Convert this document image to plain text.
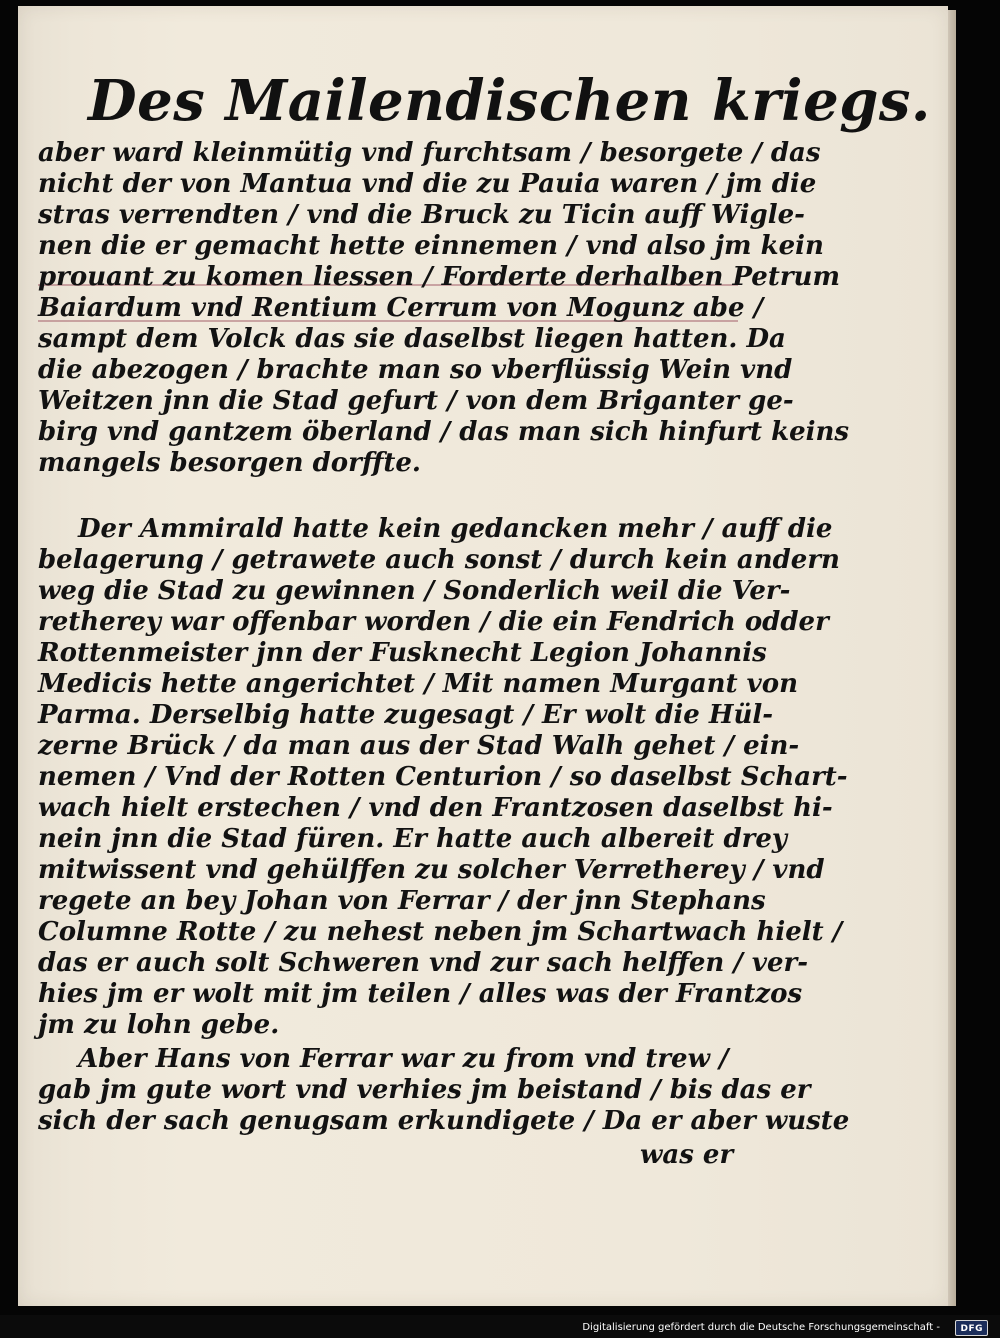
Des Mailendischen kriegs.
aber ward kleinmütig vnd furchtsam / besorgete / das
nicht der von Mantua vnd die zu Pauia waren / jm die
stras verrendten / vnd die Bruck zu Ticin auff Wigle-
nen die er gemacht hette einnemen / vnd also jm kein
prouant zu komen liessen / Forderte derhalben Petrum
Baiardum vnd Rentium Cerrum von Mogunz abe /
sampt dem Volck das sie daselbst liegen hatten. Da
die abezogen / brachte man so vberflüssig Wein vnd
Weitzen jnn die Stad gefurt / von dem Briganter ge-
birg vnd gantzem öberland / das man sich hinfurt keins
mangels besorgen dorffte.
Der Ammirald hatte kein gedancken mehr / auff die
belagerung / getrawete auch sonst / durch kein andern
weg die Stad zu gewinnen / Sonderlich weil die Ver-
retherey war offenbar worden / die ein Fendrich odder
Rottenmeister jnn der Fusknecht Legion Johannis
Medicis hette angerichtet / Mit namen Murgant von
Parma. Derselbig hatte zugesagt / Er wolt die Hül-
zerne Brück / da man aus der Stad Walh gehet / ein-
nemen / Vnd der Rotten Centurion / so daselbst Schart-
wach hielt erstechen / vnd den Frantzosen daselbst hi-
nein jnn die Stad füren. Er hatte auch albereit drey
mitwissent vnd gehülffen zu solcher Verretherey / vnd
regete an bey Johan von Ferrar / der jnn Stephans
Columne Rotte / zu nehest neben jm Schartwach hielt /
das er auch solt Schweren vnd zur sach helffen / ver-
hies jm er wolt mit jm teilen / alles was der Frantzos
jm zu lohn gebe.
Aber Hans von Ferrar war zu from vnd trew /
gab jm gute wort vnd verhies jm beistand / bis das er
sich der sach genugsam erkundigete / Da er aber wuste
was er
Digitalisierung gefördert durch die Deutsche Forschungsgemeinschaft -	DFG
